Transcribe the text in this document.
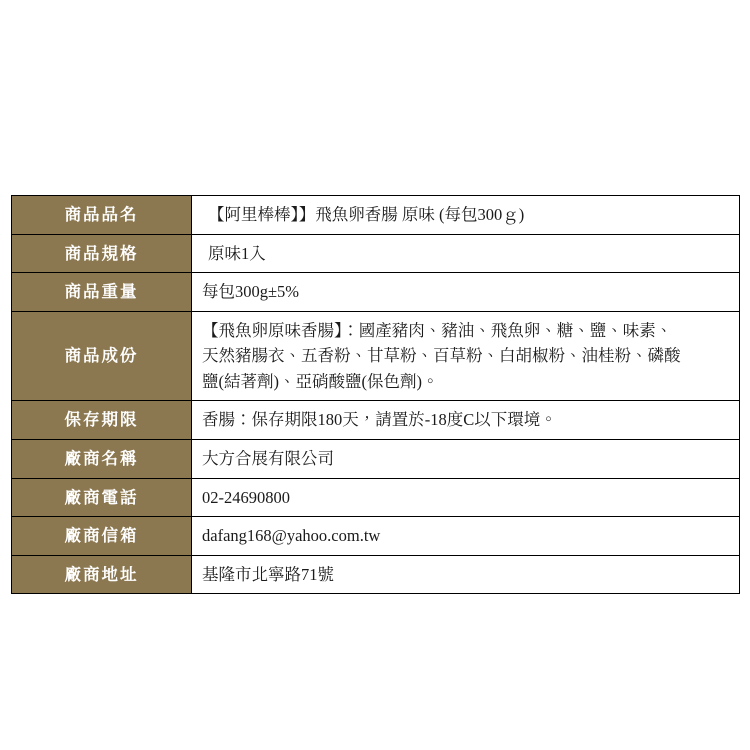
商品品名	【阿里棒棒】】飛魚卵香腸 原味 (每包300ｇ)

商品規格	原味1入

商品重量	每包300g±5%

商品成份	【飛魚卵原味香腸】：國產豬肉、豬油、飛魚卵、糖、鹽、味素、
天然豬腸衣、五香粉、甘草粉、百草粉、白胡椒粉、油桂粉、磷酸
鹽(結著劑)、亞硝酸鹽(保色劑)。

保存期限	香腸：保存期限180天，請置於-18度C以下環境。

廠商名稱	大方合展有限公司

廠商電話	02-24690800

廠商信箱	dafang168@yahoo.com.tw

廠商地址	基隆市北寧路71號
